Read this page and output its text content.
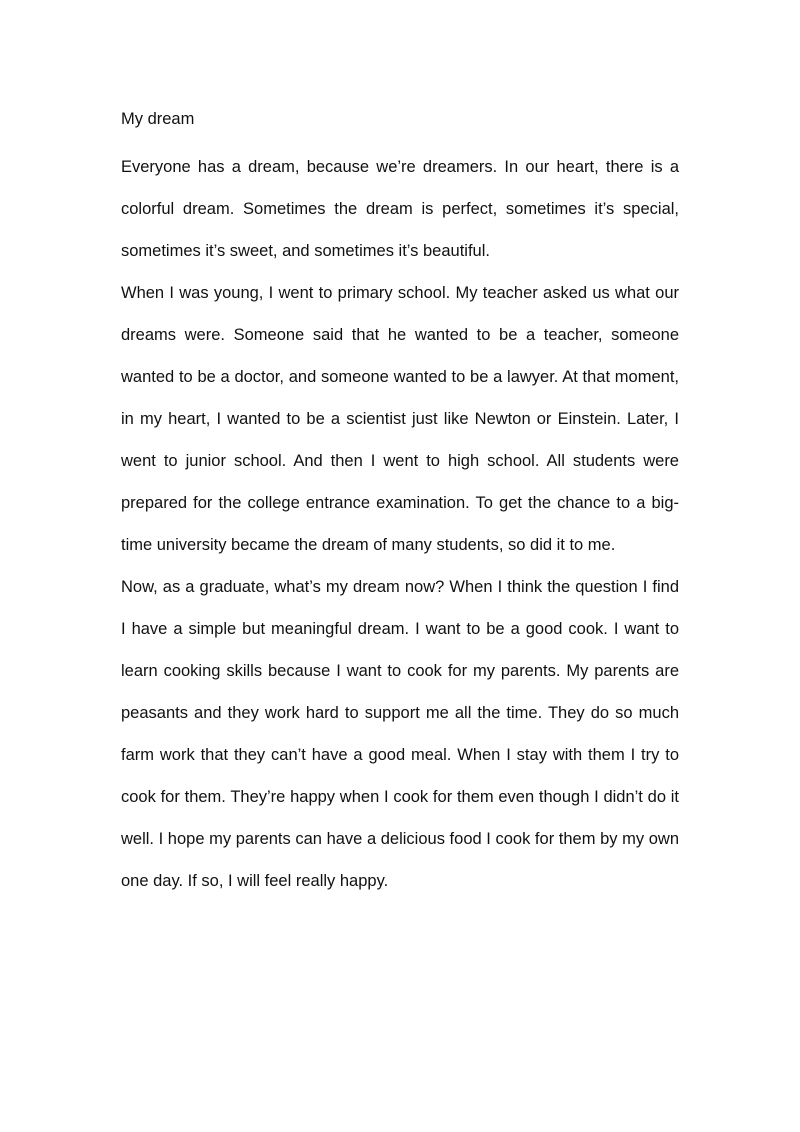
My dream

Everyone has a dream, because we’re dreamers. In our heart, there is a colorful dream. Sometimes the dream is perfect, sometimes it’s special, sometimes it’s sweet, and sometimes it’s beautiful.

When I was young, I went to primary school. My teacher asked us what our dreams were. Someone said that he wanted to be a teacher, someone wanted to be a doctor, and someone wanted to be a lawyer. At that moment, in my heart, I wanted to be a scientist just like Newton or Einstein. Later, I went to junior school. And then I went to high school. All students were prepared for the college entrance examination. To get the chance to a big-time university became the dream of many students, so did it to me.

Now, as a graduate, what’s my dream now? When I think the question I find I have a simple but meaningful dream. I want to be a good cook. I want to learn cooking skills because I want to cook for my parents. My parents are peasants and they work hard to support me all the time. They do so much farm work that they can’t have a good meal. When I stay with them I try to cook for them. They’re happy when I cook for them even though I didn’t do it well. I hope my parents can have a delicious food I cook for them by my own one day. If so, I will feel really happy.
